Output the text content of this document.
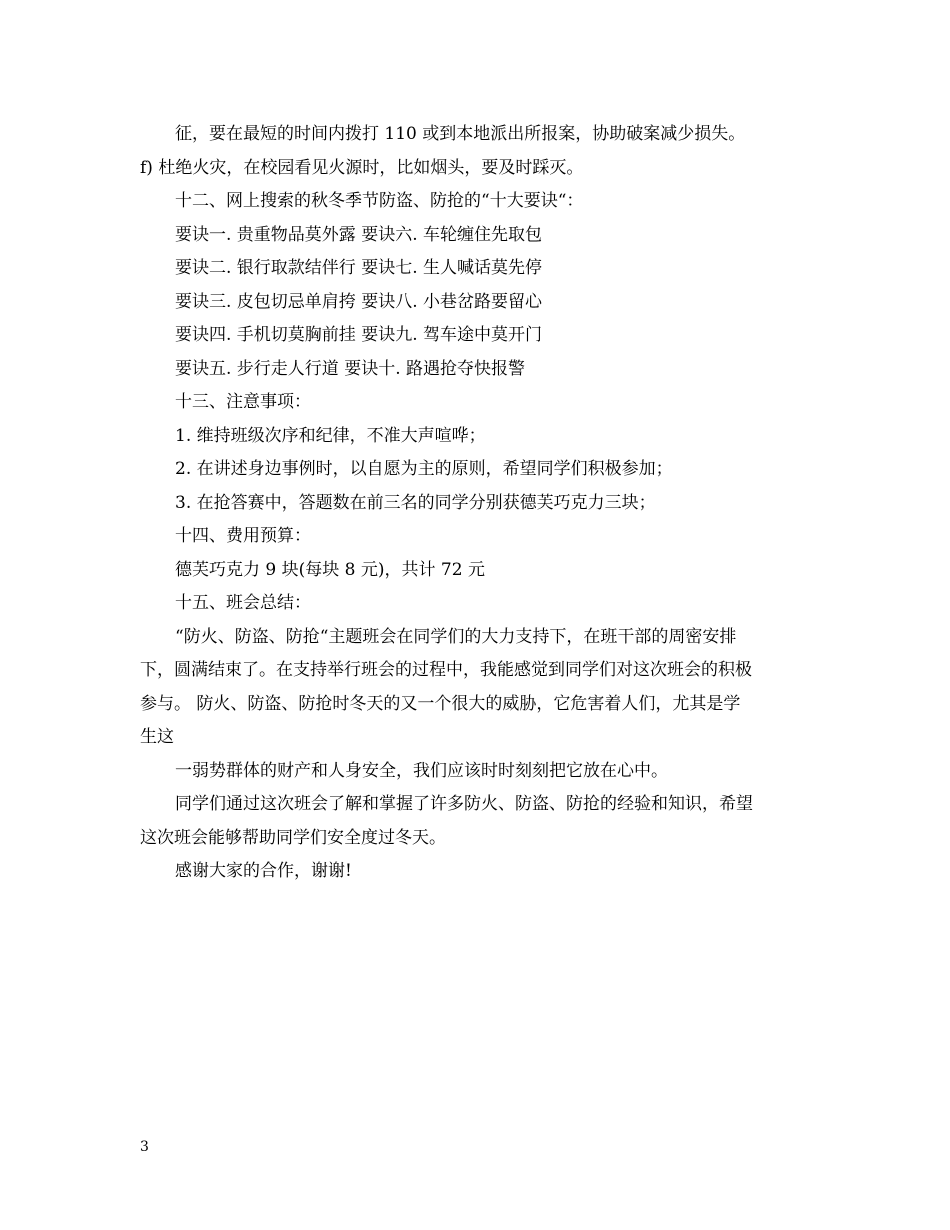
征，要在最短的时间内拨打 110 或到本地派出所报案，协助破案减少损失。
f) 杜绝火灾，在校园看见火源时，比如烟头，要及时踩灭。
十二、网上搜索的秋冬季节防盗、防抢的“十大要诀“：
要诀一. 贵重物品莫外露 要诀六. 车轮缠住先取包
要诀二. 银行取款结伴行 要诀七. 生人喊话莫先停
要诀三. 皮包切忌单肩挎 要诀八. 小巷岔路要留心
要诀四. 手机切莫胸前挂 要诀九. 驾车途中莫开门
要诀五. 步行走人行道 要诀十. 路遇抢夺快报警
十三、注意事项：
1. 维持班级次序和纪律，不准大声喧哗；
2. 在讲述身边事例时，以自愿为主的原则，希望同学们积极参加；
3. 在抢答赛中，答题数在前三名的同学分别获德芙巧克力三块；
十四、费用预算：
德芙巧克力 9 块(每块 8 元)，共计 72 元
十五、班会总结：
“防火、防盗、防抢“主题班会在同学们的大力支持下，在班干部的周密安排
下，圆满结束了。在支持举行班会的过程中，我能感觉到同学们对这次班会的积极
参与。 防火、防盗、防抢时冬天的又一个很大的威胁，它危害着人们，尤其是学
生这
一弱势群体的财产和人身安全，我们应该时时刻刻把它放在心中。
同学们通过这次班会了解和掌握了许多防火、防盗、防抢的经验和知识，希望
这次班会能够帮助同学们安全度过冬天。
感谢大家的合作，谢谢!
3
